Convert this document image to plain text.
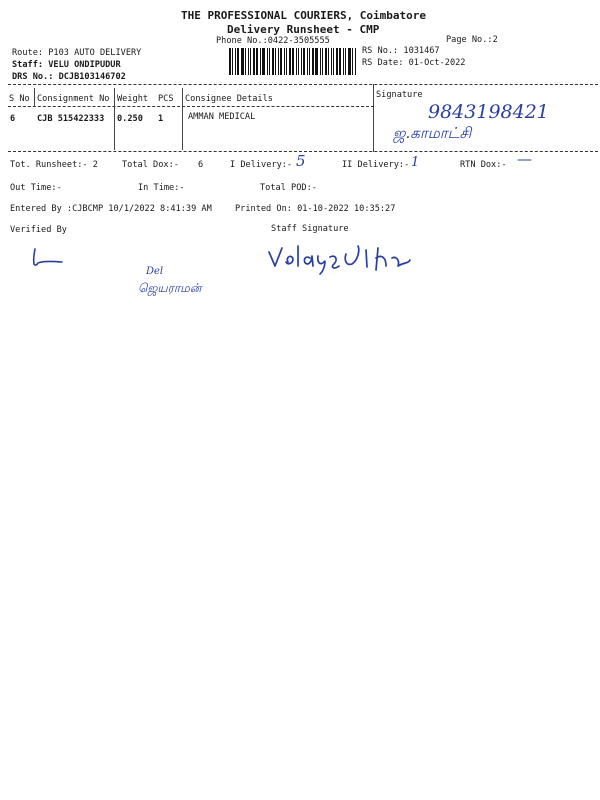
THE PROFESSIONAL COURIERS, Coimbatore
Delivery Runsheet - CMP
Phone No.:0422-3505555	Page No.:2
Route: P103 AUTO DELIVERY
Staff: VELU ONDIPUDUR
DRS No.: DCJB103146702
RS No.: 1031467
RS Date: 01-Oct-2022
S No Consignment No Weight PCS Consignee Details	Signature
6	CJB 515422333 0.250 1	AMMAN MEDICAL	9843198421
ஜ.காமாட்சி
Tot. Runsheet:- 2	Total Dox:- 6	I Delivery:- 5	II Delivery:- 1	RTN Dox:- —
Out Time:-	In Time:-	Total POD:-
Entered By :CJBCMP 10/1/2022 8:41:39 AM	Printed On: 01-10-2022 10:35:27
Verified By	Staff Signature
Del
ஜெயராமன்
